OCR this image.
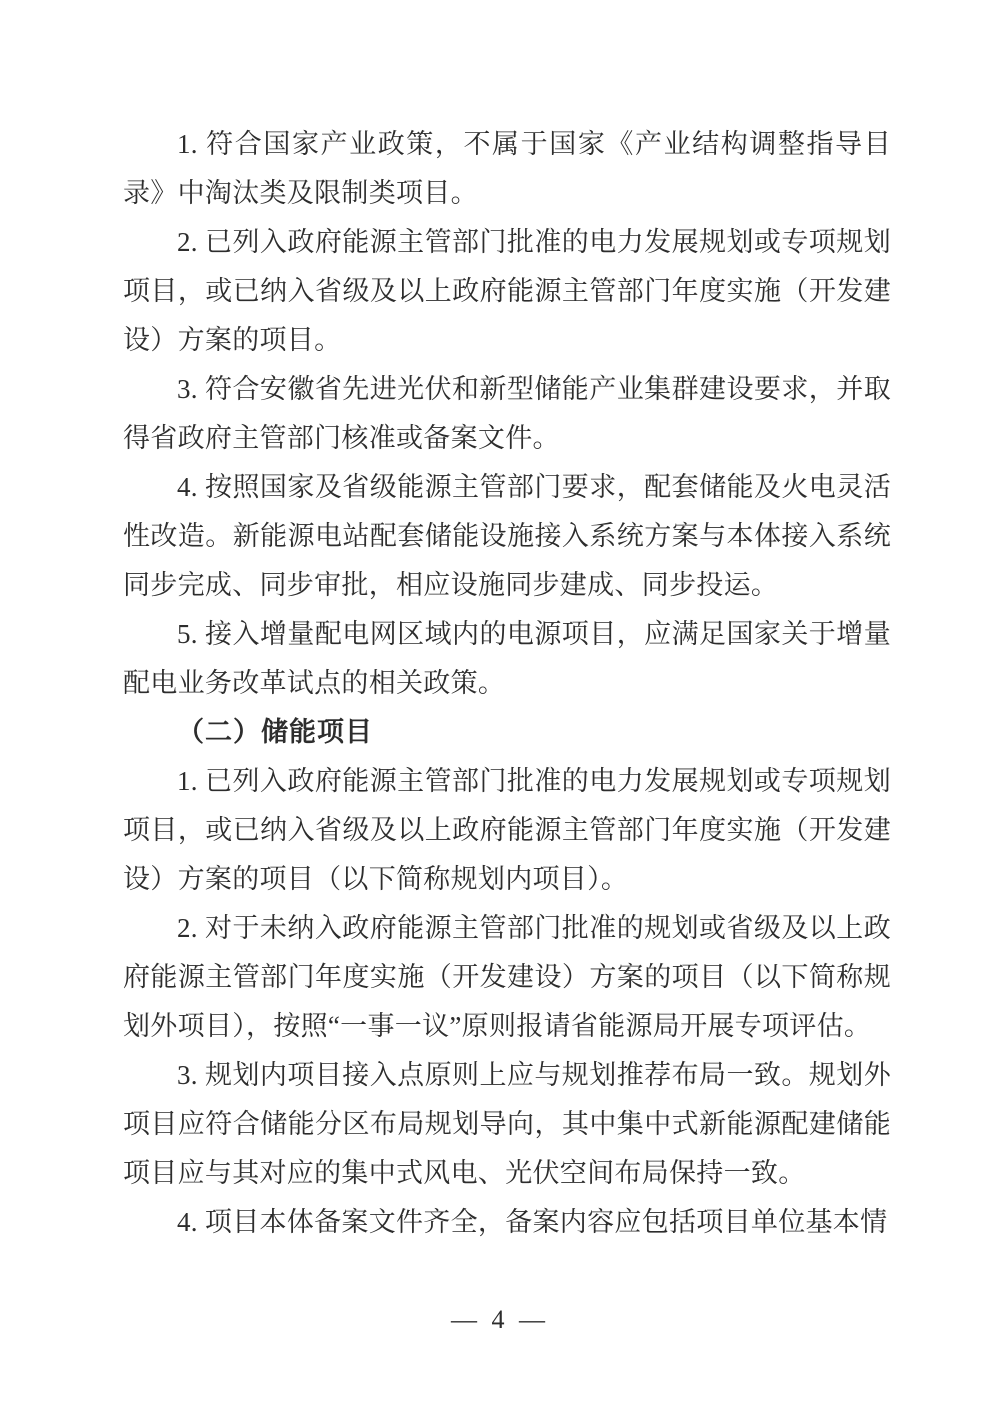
1. 符合国家产业政策，不属于国家《产业结构调整指导目录》中淘汰类及限制类项目。
2. 已列入政府能源主管部门批准的电力发展规划或专项规划项目，或已纳入省级及以上政府能源主管部门年度实施（开发建设）方案的项目。
3. 符合安徽省先进光伏和新型储能产业集群建设要求，并取得省政府主管部门核准或备案文件。
4. 按照国家及省级能源主管部门要求，配套储能及火电灵活性改造。新能源电站配套储能设施接入系统方案与本体接入系统同步完成、同步审批，相应设施同步建成、同步投运。
5. 接入增量配电网区域内的电源项目，应满足国家关于增量配电业务改革试点的相关政策。
（二）储能项目
1. 已列入政府能源主管部门批准的电力发展规划或专项规划项目，或已纳入省级及以上政府能源主管部门年度实施（开发建设）方案的项目（以下简称规划内项目）。
2. 对于未纳入政府能源主管部门批准的规划或省级及以上政府能源主管部门年度实施（开发建设）方案的项目（以下简称规划外项目），按照“一事一议”原则报请省能源局开展专项评估。
3. 规划内项目接入点原则上应与规划推荐布局一致。规划外项目应符合储能分区布局规划导向，其中集中式新能源配建储能项目应与其对应的集中式风电、光伏空间布局保持一致。
4. 项目本体备案文件齐全，备案内容应包括项目单位基本情
— 4 —
